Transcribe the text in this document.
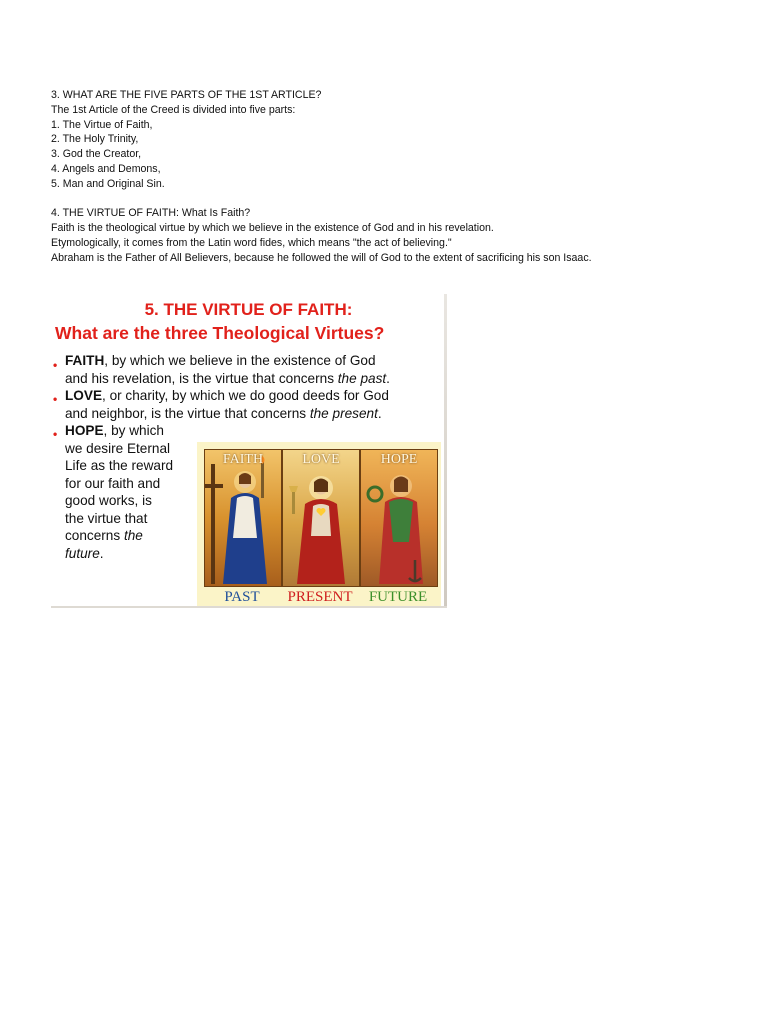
3. WHAT ARE THE FIVE PARTS OF THE 1ST ARTICLE?

The 1st Article of the Creed is divided into five parts:

1. The Virtue of Faith,

2. The Holy Trinity,

3. God the Creator,

4. Angels and Demons,

5. Man and Original Sin.

4. THE VIRTUE OF FAITH: What Is Faith?

Faith is the theological virtue by which we believe in the existence of God and in his revelation.

Etymologically, it comes from the Latin word fides, which means "the act of believing."

Abraham is the Father of All Believers, because he followed the will of God to the extent of sacrificing his son Isaac.

5. THE VIRTUE OF FAITH:
What are the three Theological Virtues?
• FAITH, by which we believe in the existence of God
and his revelation, is the virtue that concerns the past.
• LOVE, or charity, by which we do good deeds for God
and neighbor, is the virtue that concerns the present.
• HOPE, by which
we desire Eternal
Life as the reward
for our faith and
good works, is
the virtue that
concerns the
future.
FAITH	LOVE	HOPE
PAST	PRESENT	FUTURE
